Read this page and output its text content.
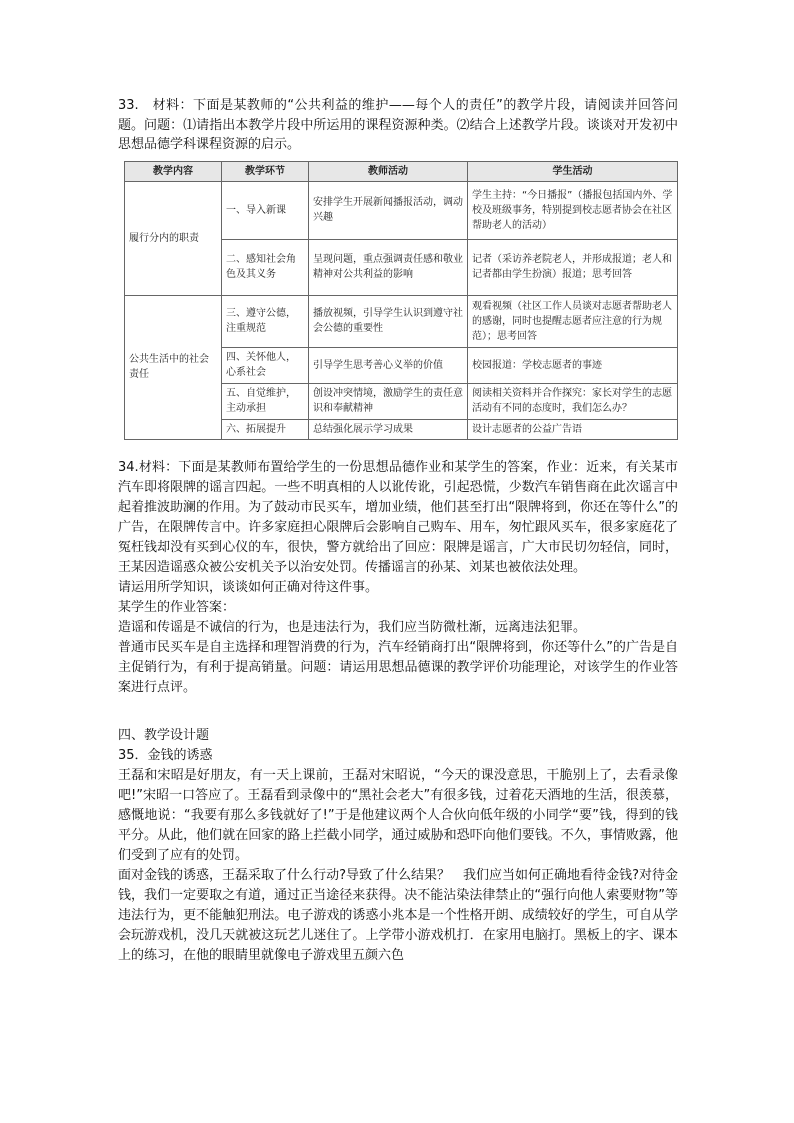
33.　材料：下面是某教师的“公共利益的维护——每个人的责任”的教学片段，请阅读并回答问题。问题：⑴请指出本教学片段中所运用的课程资源种类。⑵结合上述教学片段。谈谈对开发初中思想品德学科课程资源的启示。

教学内容	教学环节	教师活动	学生活动
履行分内的职责	一、导入新课	安排学生开展新闻播报活动，调动兴趣	学生主持：“今日播报”（播报包括国内外、学校及班级事务，特别提到校志愿者协会在社区帮助老人的活动）
	二、感知社会角色及其义务	呈现问题，重点强调责任感和敬业精神对公共利益的影响	记者（采访养老院老人，并形成报道；老人和记者都由学生扮演）报道；思考回答
公共生活中的社会责任	三、遵守公德，注重规范	播放视频，引导学生认识到遵守社会公德的重要性	观看视频（社区工作人员谈对志愿者帮助老人的感谢，同时也提醒志愿者应注意的行为规范）；思考回答
	四、关怀他人，心系社会	引导学生思考善心义举的价值	校园报道：学校志愿者的事迹
	五、自觉维护，主动承担	创设冲突情境，激励学生的责任意识和奉献精神	阅读相关资料并合作探究：家长对学生的志愿活动有不同的态度时，我们怎么办？
	六、拓展提升	总结强化展示学习成果	设计志愿者的公益广告语

34.材料：下面是某教师布置给学生的一份思想品德作业和某学生的答案，作业：近来，有关某市汽车即将限牌的谣言四起。一些不明真相的人以讹传讹，引起恐慌，少数汽车销售商在此次谣言中起着推波助澜的作用。为了鼓动市民买车，增加业绩，他们甚至打出“限牌将到，你还在等什么”的广告，在限牌传言中。许多家庭担心限牌后会影响自己购车、用车，匆忙跟风买车，很多家庭花了冤枉钱却没有买到心仪的车，很快，警方就给出了回应：限牌是谣言，广大市民切勿轻信，同时，王某因造谣惑众被公安机关予以治安处罚。传播谣言的孙某、刘某也被依法处理。

请运用所学知识，谈谈如何正确对待这件事。

某学生的作业答案：

造谣和传谣是不诚信的行为，也是违法行为，我们应当防微杜渐，远离违法犯罪。

普通市民买车是自主选择和理智消费的行为，汽车经销商打出“限牌将到，你还等什么”的广告是自主促销行为，有利于提高销量。问题：请运用思想品德课的教学评价功能理论，对该学生的作业答案进行点评。

四、教学设计题

35．金钱的诱惑

王磊和宋昭是好朋友，有一天上课前，王磊对宋昭说，“今天的课没意思，干脆别上了，去看录像吧!”宋昭一口答应了。王磊看到录像中的“黑社会老大”有很多钱，过着花天酒地的生活，很羡慕，感慨地说：“我要有那么多钱就好了!”于是他建议两个人合伙向低年级的小同学“要”钱，得到的钱平分。从此，他们就在回家的路上拦截小同学，通过威胁和恐吓向他们要钱。不久，事情败露，他们受到了应有的处罚。

面对金钱的诱惑，王磊采取了什么行动?导致了什么结果？　我们应当如何正确地看待金钱?对待金钱，我们一定要取之有道，通过正当途径来获得。决不能沾染法律禁止的“强行向他人索要财物”等违法行为，更不能触犯刑法。电子游戏的诱惑小兆本是一个性格开朗、成绩较好的学生，可自从学会玩游戏机，没几天就被这玩艺儿迷住了。上学带小游戏机打．在家用电脑打。黑板上的字、课本上的练习，在他的眼睛里就像电子游戏里五颜六色
